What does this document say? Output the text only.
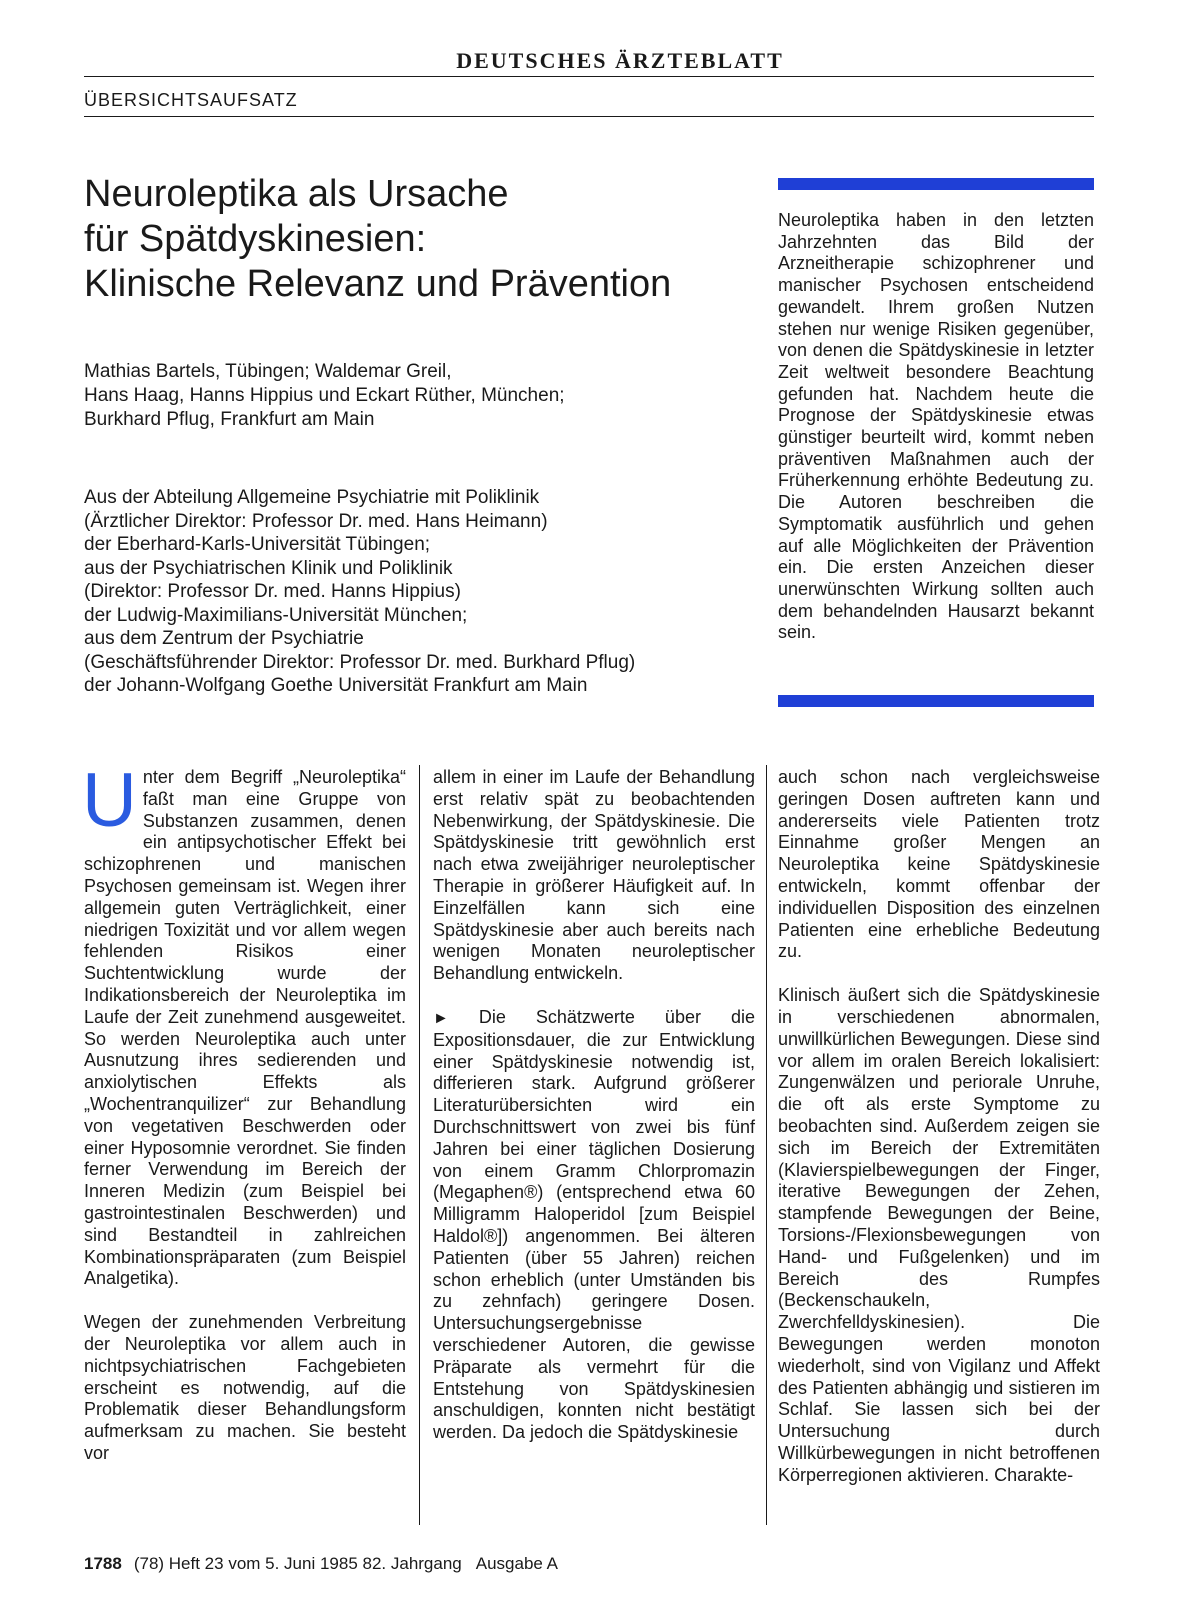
DEUTSCHES ÄRZTEBLATT
ÜBERSICHTSAUFSATZ
Neuroleptika als Ursache
für Spätdyskinesien:
Klinische Relevanz und Prävention
Mathias Bartels, Tübingen; Waldemar Greil,
Hans Haag, Hanns Hippius und Eckart Rüther, München;
Burkhard Pflug, Frankfurt am Main
Aus der Abteilung Allgemeine Psychiatrie mit Poliklinik
(Ärztlicher Direktor: Professor Dr. med. Hans Heimann)
der Eberhard-Karls-Universität Tübingen;
aus der Psychiatrischen Klinik und Poliklinik
(Direktor: Professor Dr. med. Hanns Hippius)
der Ludwig-Maximilians-Universität München;
aus dem Zentrum der Psychiatrie
(Geschäftsführender Direktor: Professor Dr. med. Burkhard Pflug)
der Johann-Wolfgang Goethe Universität Frankfurt am Main
Neuroleptika haben in den letzten Jahrzehnten das Bild der Arzneitherapie schizophrener und manischer Psychosen entscheidend gewandelt. Ihrem großen Nutzen stehen nur wenige Risiken gegenüber, von denen die Spätdyskinesie in letzter Zeit weltweit besondere Beachtung gefunden hat. Nachdem heute die Prognose der Spätdyskinesie etwas günstiger beurteilt wird, kommt neben präventiven Maßnahmen auch der Früherkennung erhöhte Bedeutung zu. Die Autoren beschreiben die Symptomatik ausführlich und gehen auf alle Möglichkeiten der Prävention ein. Die ersten Anzeichen dieser unerwünschten Wirkung sollten auch dem behandelnden Hausarzt bekannt sein.

Unter dem Begriff „Neuroleptika“ faßt man eine Gruppe von Substanzen zusammen, denen ein antipsychotischer Effekt bei schizophrenen und manischen Psychosen gemeinsam ist. Wegen ihrer allgemein guten Verträglichkeit, einer niedrigen Toxizität und vor allem wegen fehlenden Risikos einer Suchtentwicklung wurde der Indikationsbereich der Neuroleptika im Laufe der Zeit zunehmend ausgeweitet. So werden Neuroleptika auch unter Ausnutzung ihres sedierenden und anxiolytischen Effekts als „Wochentranquilizer“ zur Behandlung von vegetativen Beschwerden oder einer Hyposomnie verordnet. Sie finden ferner Verwendung im Bereich der Inneren Medizin (zum Beispiel bei gastrointestinalen Beschwerden) und sind Bestandteil in zahlreichen Kombinationspräparaten (zum Beispiel Analgetika).

Wegen der zunehmenden Verbreitung der Neuroleptika vor allem auch in nichtpsychiatrischen Fachgebieten erscheint es notwendig, auf die Problematik dieser Behandlungsform aufmerksam zu machen. Sie besteht vor

allem in einer im Laufe der Behandlung erst relativ spät zu beobachtenden Nebenwirkung, der Spätdyskinesie. Die Spätdyskinesie tritt gewöhnlich erst nach etwa zweijähriger neuroleptischer Therapie in größerer Häufigkeit auf. In Einzelfällen kann sich eine Spätdyskinesie aber auch bereits nach wenigen Monaten neuroleptischer Behandlung entwickeln.

► Die Schätzwerte über die Expositionsdauer, die zur Entwicklung einer Spätdyskinesie notwendig ist, differieren stark. Aufgrund größerer Literaturübersichten wird ein Durchschnittswert von zwei bis fünf Jahren bei einer täglichen Dosierung von einem Gramm Chlorpromazin (Megaphen®) (entsprechend etwa 60 Milligramm Haloperidol [zum Beispiel Haldol®]) angenommen. Bei älteren Patienten (über 55 Jahren) reichen schon erheblich (unter Umständen bis zu zehnfach) geringere Dosen. Untersuchungsergebnisse verschiedener Autoren, die gewisse Präparate als vermehrt für die Entstehung von Spätdyskinesien anschuldigen, konnten nicht bestätigt werden. Da jedoch die Spätdyskinesie

auch schon nach vergleichsweise geringen Dosen auftreten kann und andererseits viele Patienten trotz Einnahme großer Mengen an Neuroleptika keine Spätdyskinesie entwickeln, kommt offenbar der individuellen Disposition des einzelnen Patienten eine erhebliche Bedeutung zu.

Klinisch äußert sich die Spätdyskinesie in verschiedenen abnormalen, unwillkürlichen Bewegungen. Diese sind vor allem im oralen Bereich lokalisiert: Zungenwälzen und periorale Unruhe, die oft als erste Symptome zu beobachten sind. Außerdem zeigen sie sich im Bereich der Extremitäten (Klavierspielbewegungen der Finger, iterative Bewegungen der Zehen, stampfende Bewegungen der Beine, Torsions-/Flexionsbewegungen von Hand- und Fußgelenken) und im Bereich des Rumpfes (Beckenschaukeln, Zwerchfelldyskinesien). Die Bewegungen werden monoton wiederholt, sind von Vigilanz und Affekt des Patienten abhängig und sistieren im Schlaf. Sie lassen sich bei der Untersuchung durch Willkürbewegungen in nicht betroffenen Körperregionen aktivieren. Charakte-

1788 (78) Heft 23 vom 5. Juni 1985 82. Jahrgang Ausgabe A
